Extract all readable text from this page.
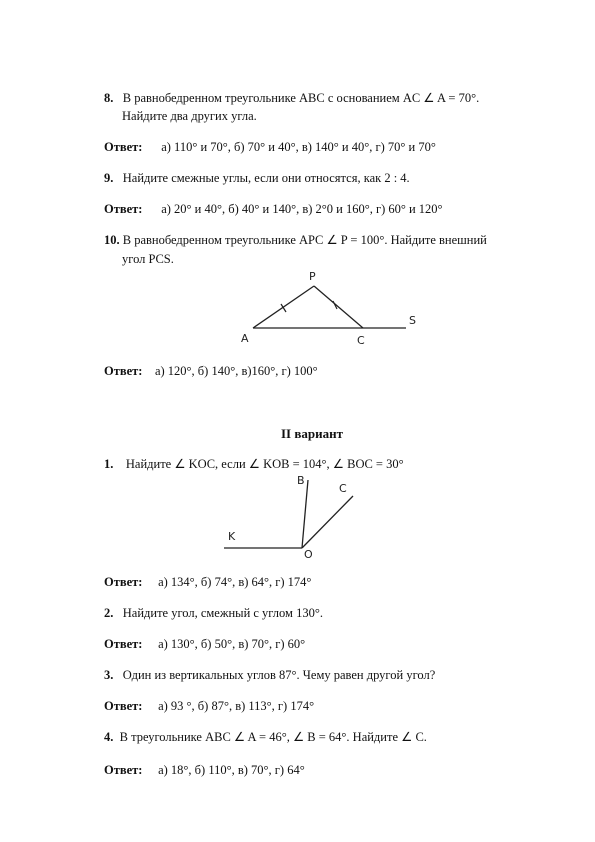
8. В равнобедренном треугольнике ABC с основанием AC ∠ A = 70°.
Найдите два других угла.
Ответ: а) 110° и 70°, б) 70° и 40°, в) 140° и 40°, г) 70° и 70°
9. Найдите смежные углы, если они относятся, как 2 : 4.
Ответ: а) 20° и 40°, б) 40° и 140°, в) 2°0 и 160°, г) 60° и 120°
10. В равнобедренном треугольнике APC ∠ P = 100°. Найдите внешний
угол PCS.
A
P
C
S
Ответ: а) 120°, б) 140°, в)160°, г) 100°
II вариант
1. Найдите ∠ KOC, если ∠ KOB = 104°, ∠ BOC = 30°
K
O
B
C
Ответ: а) 134°, б) 74°, в) 64°, г) 174°
2. Найдите угол, смежный с углом 130°.
Ответ: а) 130°, б) 50°, в) 70°, г) 60°
3. Один из вертикальных углов 87°. Чему равен другой угол?
Ответ: а) 93 °, б) 87°, в) 113°, г) 174°
4. В треугольнике ABC ∠ A = 46°, ∠ B = 64°. Найдите ∠ C.
Ответ: а) 18°, б) 110°, в) 70°, г) 64°
